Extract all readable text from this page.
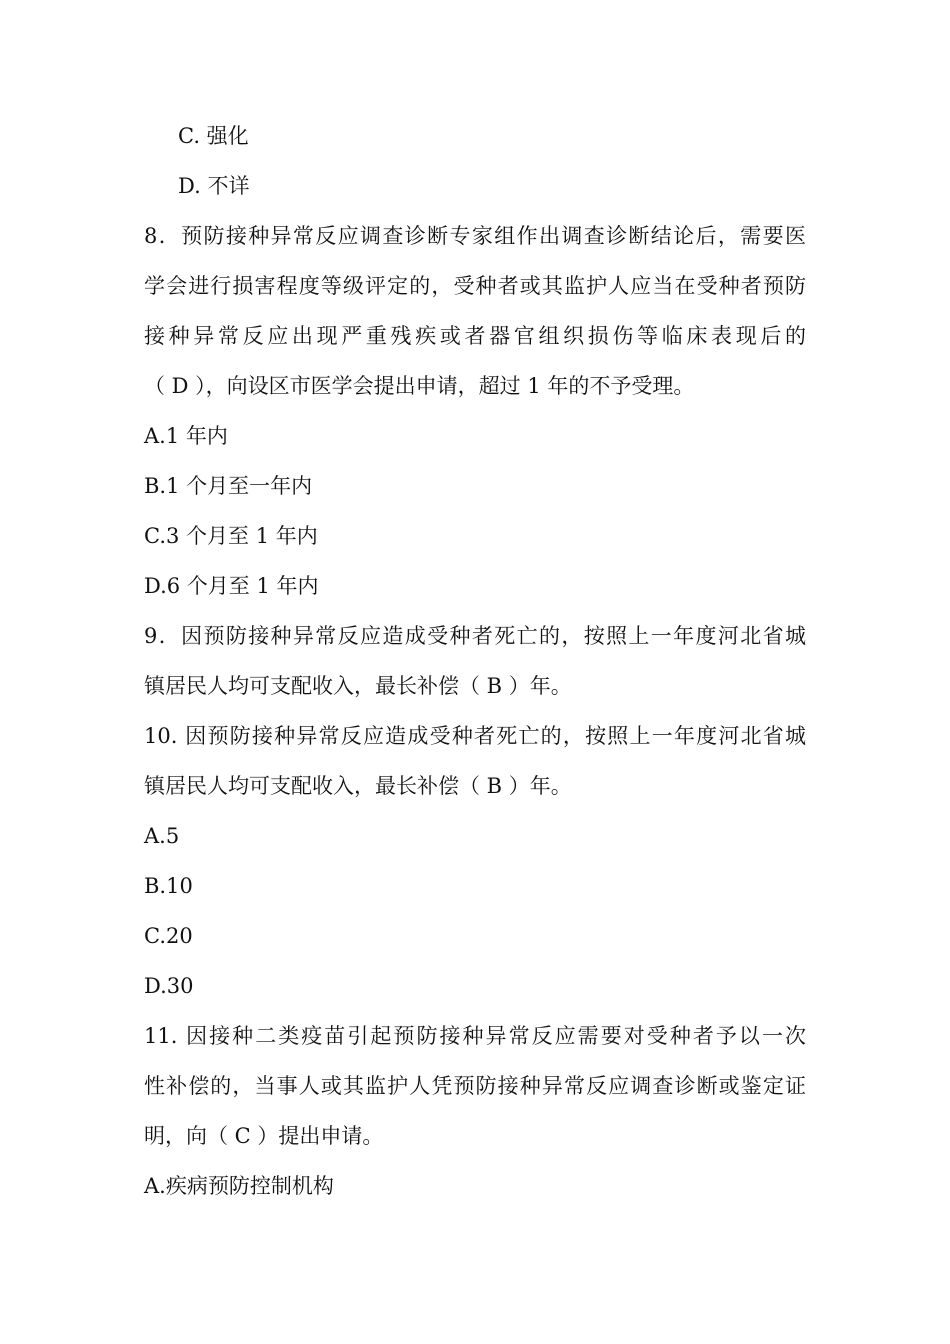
C. 强化
D. 不详
8．预防接种异常反应调查诊断专家组作出调查诊断结论后，需要医
学会进行损害程度等级评定的，受种者或其监护人应当在受种者预防
接种异常反应出现严重残疾或者器官组织损伤等临床表现后的
（ D ），向设区市医学会提出申请，超过 1 年的不予受理。
A.1 年内
B.1 个月至一年内
C.3 个月至 1 年内
D.6 个月至 1 年内
9．因预防接种异常反应造成受种者死亡的，按照上一年度河北省城
镇居民人均可支配收入，最长补偿（ B ）年。
10. 因预防接种异常反应造成受种者死亡的，按照上一年度河北省城
镇居民人均可支配收入，最长补偿（ B ）年。
A.5
B.10
C.20
D.30
11. 因接种二类疫苗引起预防接种异常反应需要对受种者予以一次
性补偿的，当事人或其监护人凭预防接种异常反应调查诊断或鉴定证
明，向（ C ）提出申请。
A.疾病预防控制机构
